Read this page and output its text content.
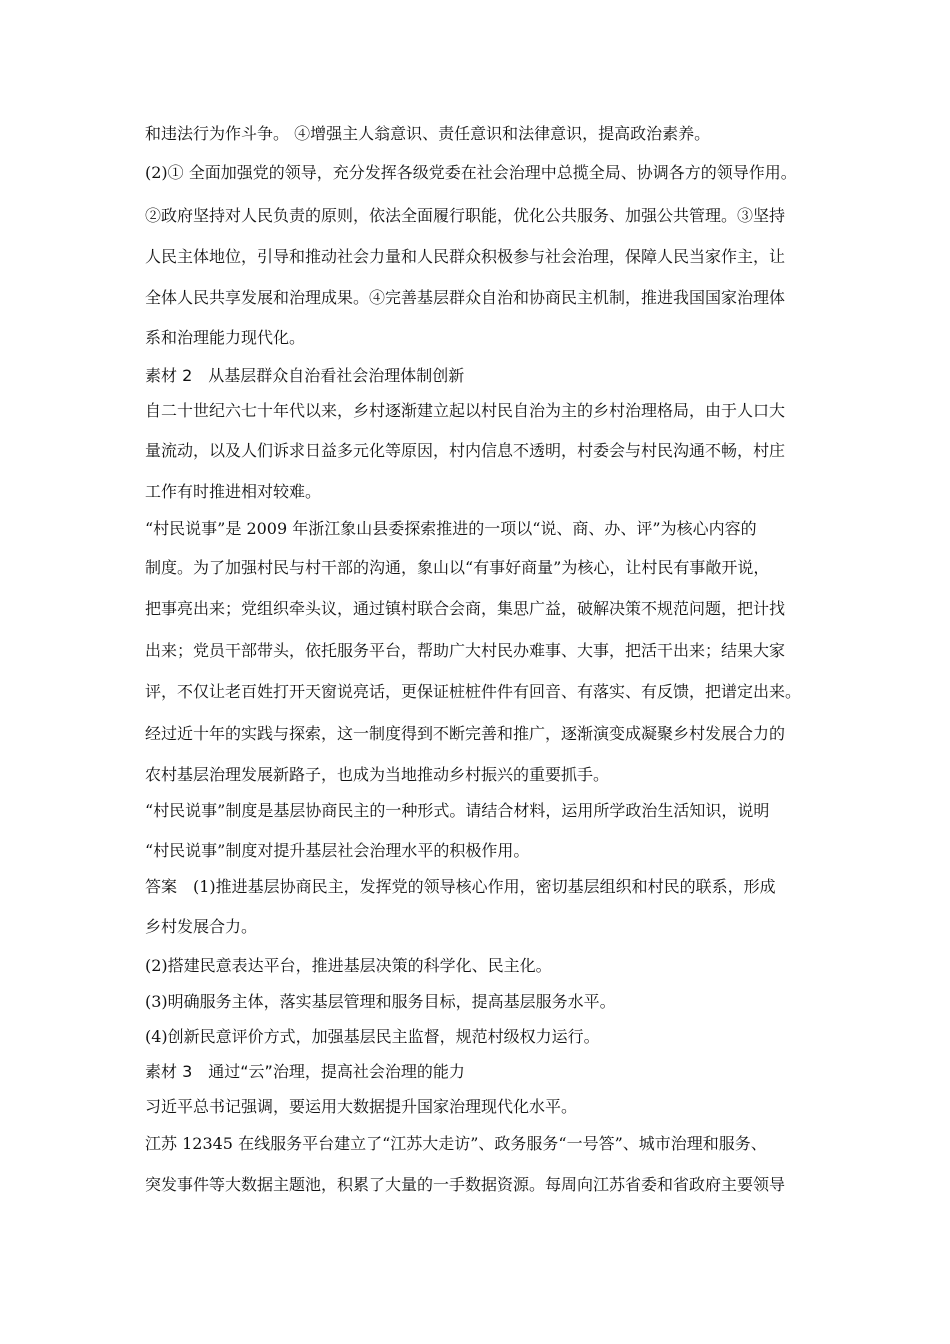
和违法行为作斗争。 ④增强主人翁意识、责任意识和法律意识，提高政治素养。
(2)① 全面加强党的领导，充分发挥各级党委在社会治理中总揽全局、协调各方的领导作用。
②政府坚持对人民负责的原则，依法全面履行职能，优化公共服务、加强公共管理。③坚持
人民主体地位，引导和推动社会力量和人民群众积极参与社会治理，保障人民当家作主，让
全体人民共享发展和治理成果。④完善基层群众自治和协商民主机制，推进我国国家治理体
系和治理能力现代化。
素材 2　从基层群众自治看社会治理体制创新
自二十世纪六七十年代以来，乡村逐渐建立起以村民自治为主的乡村治理格局，由于人口大
量流动，以及人们诉求日益多元化等原因，村内信息不透明，村委会与村民沟通不畅，村庄
工作有时推进相对较难。
“村民说事”是 2009 年浙江象山县委探索推进的一项以“说、商、办、评”为核心内容的
制度。为了加强村民与村干部的沟通，象山以“有事好商量”为核心，让村民有事敞开说，
把事亮出来；党组织牵头议，通过镇村联合会商，集思广益，破解决策不规范问题，把计找
出来；党员干部带头，依托服务平台，帮助广大村民办难事、大事，把活干出来；结果大家
评，不仅让老百姓打开天窗说亮话，更保证桩桩件件有回音、有落实、有反馈，把谱定出来。
经过近十年的实践与探索，这一制度得到不断完善和推广，逐渐演变成凝聚乡村发展合力的
农村基层治理发展新路子，也成为当地推动乡村振兴的重要抓手。
“村民说事”制度是基层协商民主的一种形式。请结合材料，运用所学政治生活知识，说明
“村民说事”制度对提升基层社会治理水平的积极作用。
答案　(1)推进基层协商民主，发挥党的领导核心作用，密切基层组织和村民的联系，形成
乡村发展合力。
(2)搭建民意表达平台，推进基层决策的科学化、民主化。
(3)明确服务主体，落实基层管理和服务目标，提高基层服务水平。
(4)创新民意评价方式，加强基层民主监督，规范村级权力运行。
素材 3　通过“云”治理，提高社会治理的能力
习近平总书记强调，要运用大数据提升国家治理现代化水平。
江苏 12345 在线服务平台建立了“江苏大走访”、政务服务“一号答”、城市治理和服务、
突发事件等大数据主题池，积累了大量的一手数据资源。每周向江苏省委和省政府主要领导
